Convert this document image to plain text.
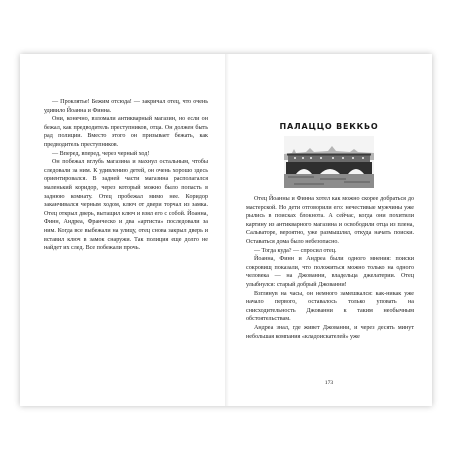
— Проклятье! Бежим отсюда! — закричал отец, что очень удивило Йоанна и Финна.

Они, конечно, взломали антикварный магазин, но если он бежал, как предводитель преступников, отца. Он должен быть рад полиции. Вместо этого он призывает бежать, как предводитель преступников.

— Вперед, вперед, через черный ход!

Он побежал вглубь магазина и махнул остальным, чтобы следовали за ним. К удивлению детей, он очень хорошо здесь ориентировался. В задней части магазина располагался маленький коридор, через который можно было попасть в заднюю комнату. Отец пробежал мимо нее. Коридор заканчивался черным ходом, ключ от двери торчал из замка. Отец открыл дверь, вытащил ключ и взял его с собой. Йоанна, Финн, Андреа, Франческо и два «артиста» последовали за ним. Когда все выбежали на улицу, отец снова закрыл дверь и вставил ключ в замок снаружи. Так полиция еще долго не найдет их след. Все побежали прочь.

ПАЛАЦЦО ВЕККЬО

Отец Йоанны и Финна хотел как можно скорее добраться до мастерской. Но дети отговорили его: нечестивые мужчины уже рылись в поисках блокнота. А сейчас, когда они похитили картину из антикварного магазина и освободили отца из плена, Сальваторе, вероятно, уже размышлял, откуда начать поиски. Оставаться дома было небезопасно.

— Тогда куда? — спросил отец.

Йоанна, Финн и Андреа были одного мнения: поиски сокровищ показали, что положиться можно только на одного человека — на Джованни, владельца джелатерии. Отец улыбнулся: старый добрый Джованни!

Взглянув на часы, он немного замешкался: как-никак уже начало первого, оставалось только уповать на снисходительность Джованни к таким необычным обстоятельствам.

Андреа знал, где живет Джованни, и через десять минут небольшая компания «кладоискателей» уже

173
